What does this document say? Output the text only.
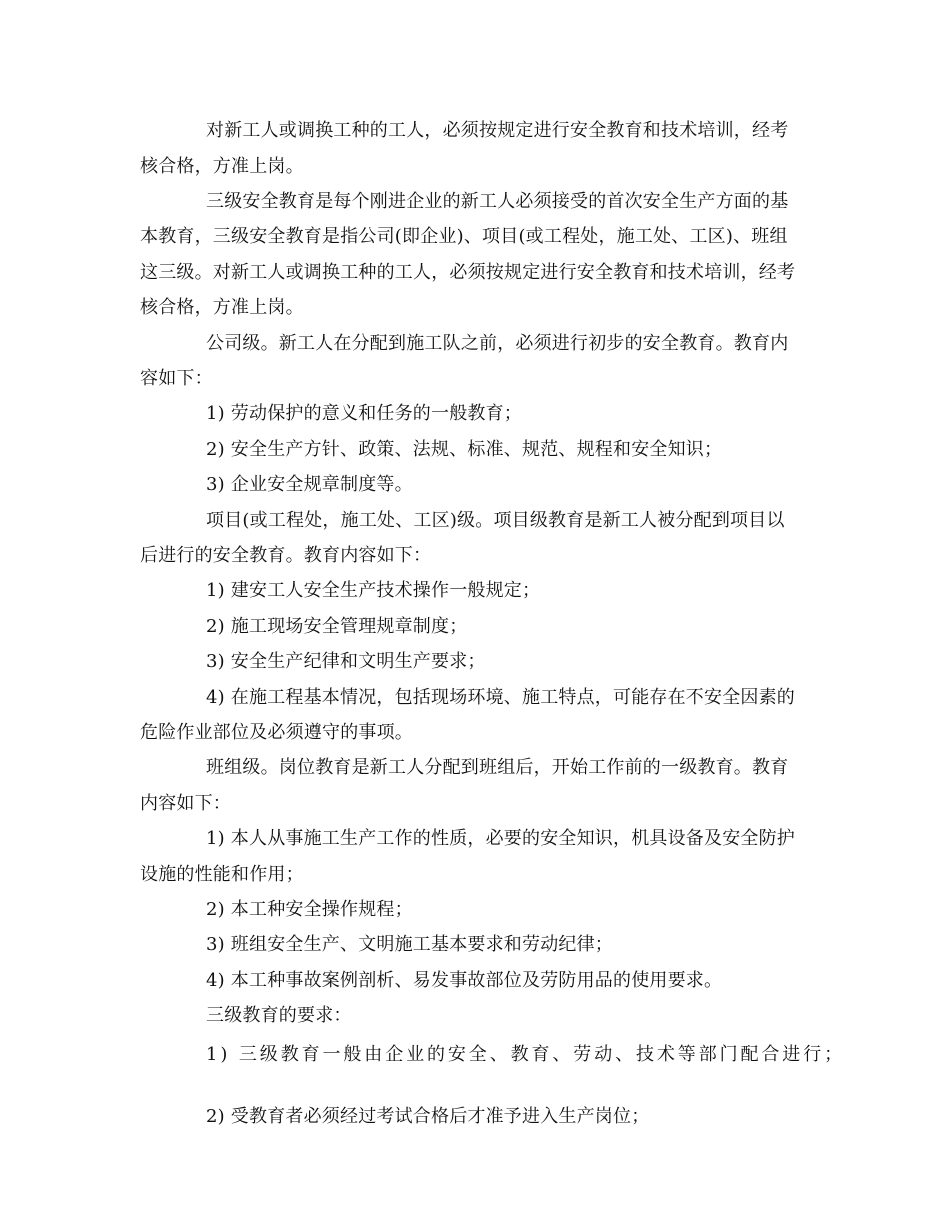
对新工人或调换工种的工人，必须按规定进行安全教育和技术培训，经考
核合格，方准上岗。
三级安全教育是每个刚进企业的新工人必须接受的首次安全生产方面的基
本教育，三级安全教育是指公司(即企业)、项目(或工程处，施工处、工区)、班组
这三级。对新工人或调换工种的工人，必须按规定进行安全教育和技术培训，经考
核合格，方准上岗。
公司级。新工人在分配到施工队之前，必须进行初步的安全教育。教育内
容如下：
1) 劳动保护的意义和任务的一般教育；
2) 安全生产方针、政策、法规、标准、规范、规程和安全知识；
3) 企业安全规章制度等。
项目(或工程处，施工处、工区)级。项目级教育是新工人被分配到项目以
后进行的安全教育。教育内容如下：
1) 建安工人安全生产技术操作一般规定；
2) 施工现场安全管理规章制度；
3) 安全生产纪律和文明生产要求；
4) 在施工程基本情况，包括现场环境、施工特点，可能存在不安全因素的
危险作业部位及必须遵守的事项。
班组级。岗位教育是新工人分配到班组后，开始工作前的一级教育。教育
内容如下：
1) 本人从事施工生产工作的性质，必要的安全知识，机具设备及安全防护
设施的性能和作用；
2) 本工种安全操作规程；
3) 班组安全生产、文明施工基本要求和劳动纪律；
4) 本工种事故案例剖析、易发事故部位及劳防用品的使用要求。
三级教育的要求：
1) 三级教育一般由企业的安全、教育、劳动、技术等部门配合进行；
2) 受教育者必须经过考试合格后才准予进入生产岗位；
